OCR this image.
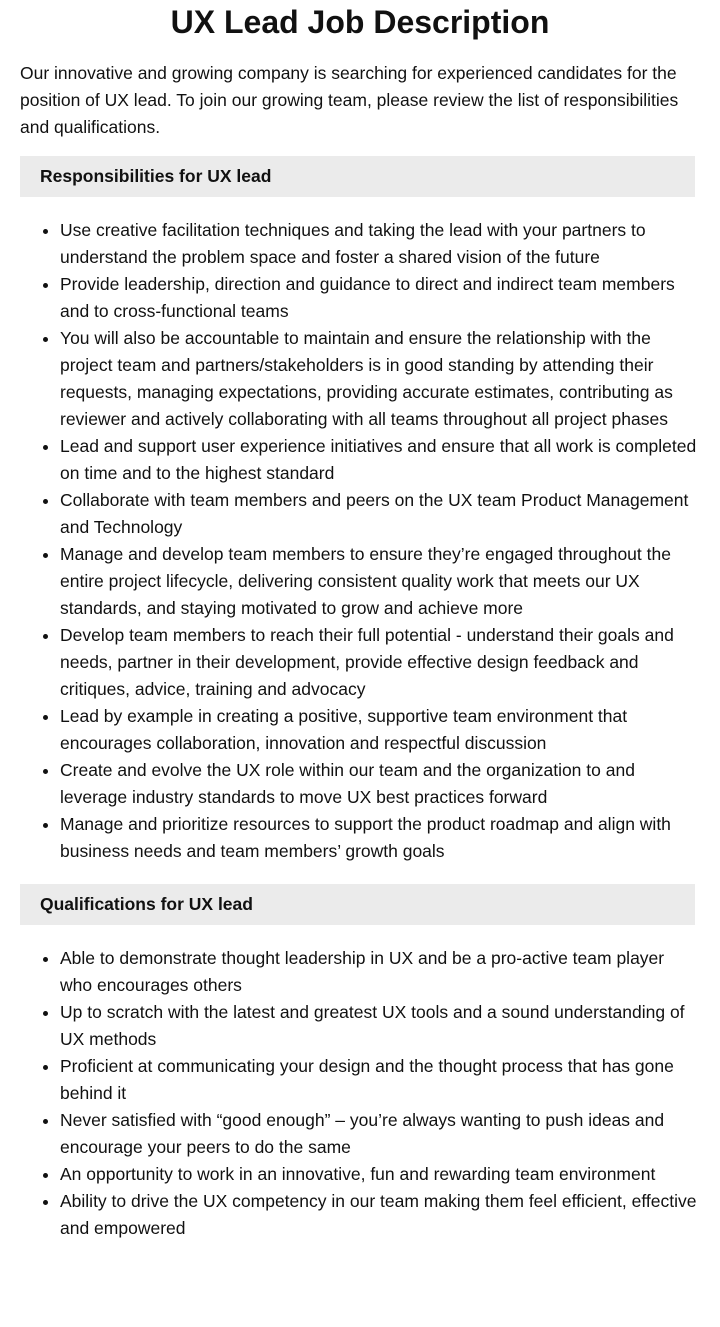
UX Lead Job Description

Our innovative and growing company is searching for experienced candidates for the position of UX lead. To join our growing team, please review the list of responsibilities and qualifications.

Responsibilities for UX lead
• Use creative facilitation techniques and taking the lead with your partners to understand the problem space and foster a shared vision of the future
• Provide leadership, direction and guidance to direct and indirect team members and to cross-functional teams
• You will also be accountable to maintain and ensure the relationship with the project team and partners/stakeholders is in good standing by attending their requests, managing expectations, providing accurate estimates, contributing as reviewer and actively collaborating with all teams throughout all project phases
• Lead and support user experience initiatives and ensure that all work is completed on time and to the highest standard
• Collaborate with team members and peers on the UX team Product Management and Technology
• Manage and develop team members to ensure they’re engaged throughout the entire project lifecycle, delivering consistent quality work that meets our UX standards, and staying motivated to grow and achieve more
• Develop team members to reach their full potential - understand their goals and needs, partner in their development, provide effective design feedback and critiques, advice, training and advocacy
• Lead by example in creating a positive, supportive team environment that encourages collaboration, innovation and respectful discussion
• Create and evolve the UX role within our team and the organization to and leverage industry standards to move UX best practices forward
• Manage and prioritize resources to support the product roadmap and align with business needs and team members’ growth goals
Qualifications for UX lead
• Able to demonstrate thought leadership in UX and be a pro-active team player who encourages others
• Up to scratch with the latest and greatest UX tools and a sound understanding of UX methods
• Proficient at communicating your design and the thought process that has gone behind it
• Never satisfied with “good enough” – you’re always wanting to push ideas and encourage your peers to do the same
• An opportunity to work in an innovative, fun and rewarding team environment
• Ability to drive the UX competency in our team making them feel efficient, effective and empowered
